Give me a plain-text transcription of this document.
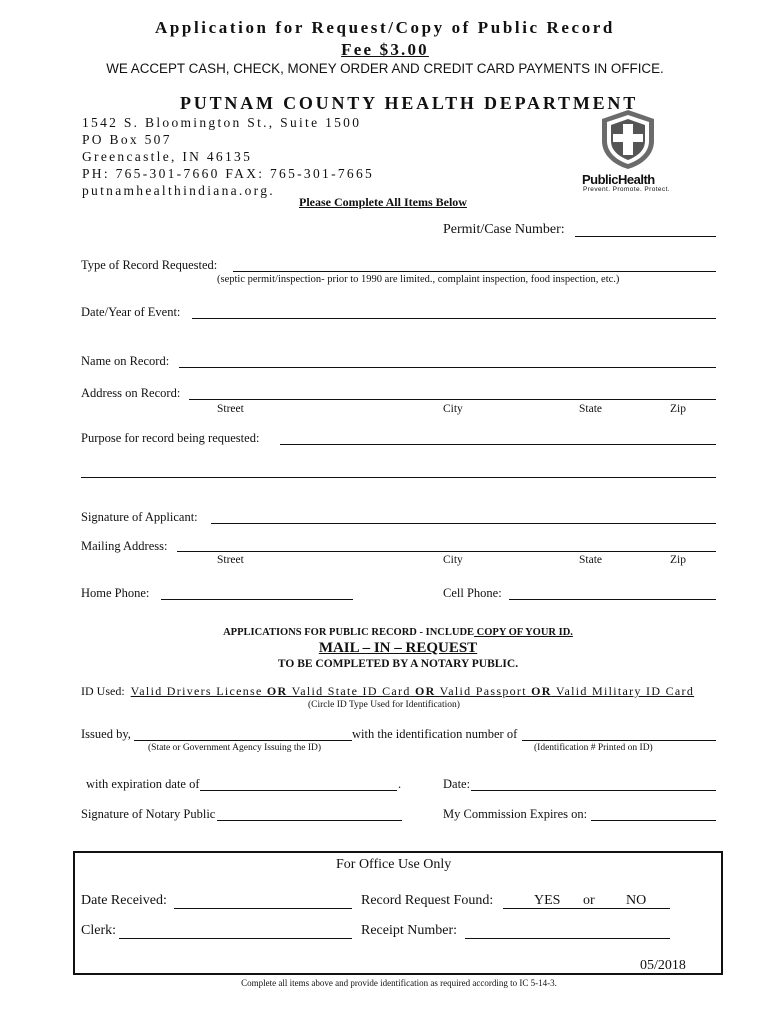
Application for Request/Copy of Public Record
Fee $3.00
WE ACCEPT CASH, CHECK, MONEY ORDER AND CREDIT CARD PAYMENTS IN OFFICE.
PUTNAM COUNTY HEALTH DEPARTMENT
1542 S. Bloomington St., Suite 1500
PO Box 507
Greencastle, IN 46135
PH: 765-301-7660 FAX: 765-301-7665
putnamhealthindiana.org.
PublicHealth
Prevent. Promote. Protect.
Please Complete All Items Below
Permit/Case Number:
Type of Record Requested:
(septic permit/inspection- prior to 1990 are limited., complaint inspection, food inspection, etc.)
Date/Year of Event:
Name on Record:
Address on Record:
Street	City	State	Zip
Purpose for record being requested:
Signature of Applicant:
Mailing Address:
Street	City	State	Zip
Home Phone:	Cell Phone:
APPLICATIONS FOR PUBLIC RECORD - INCLUDE COPY OF YOUR ID.
MAIL – IN – REQUEST
TO BE COMPLETED BY A NOTARY PUBLIC.
ID Used: Valid Drivers License OR Valid State ID Card OR Valid Passport OR Valid Military ID Card
(Circle ID Type Used for Identification)
Issued by,	with the identification number of
(State or Government Agency Issuing the ID)	(Identification # Printed on ID)
with expiration date of	.	Date:
Signature of Notary Public	My Commission Expires on:
For Office Use Only
Date Received:	Record Request Found:	YES or NO
Clerk:	Receipt Number:
05/2018
Complete all items above and provide identification as required according to IC 5-14-3.
